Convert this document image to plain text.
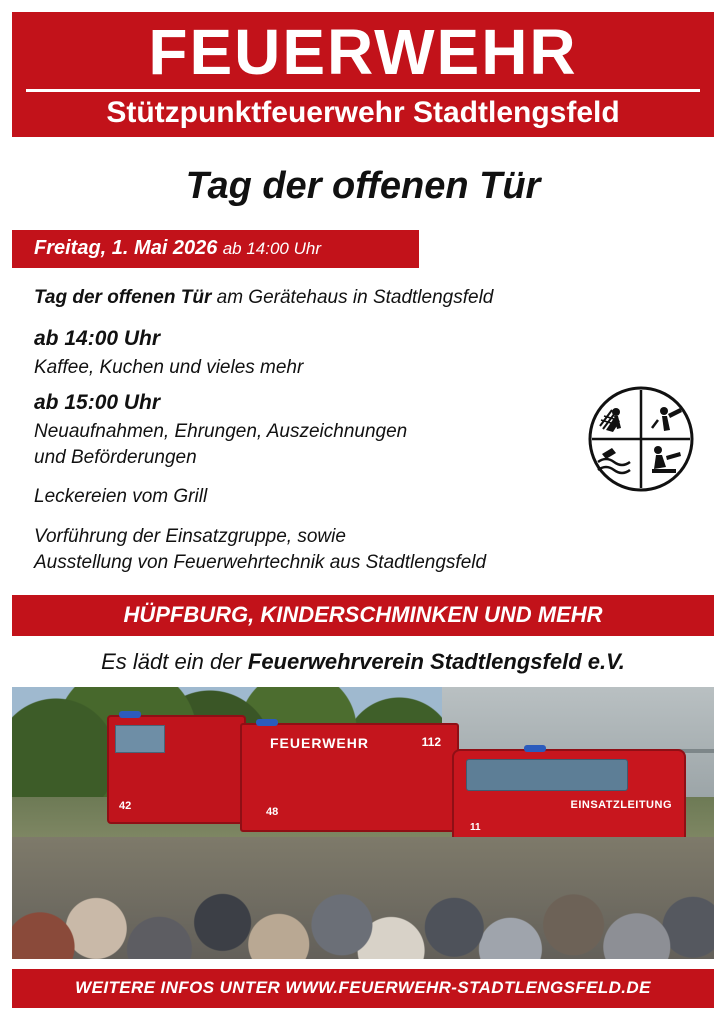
FEUERWEHR
Stützpunktfeuerwehr Stadtlengsfeld
Tag der offenen Tür
Freitag, 1. Mai 2026 ab 14:00 Uhr
Tag der offenen Tür am Gerätehaus in Stadtlengsfeld
ab 14:00 Uhr
Kaffee, Kuchen und vieles mehr
ab 15:00 Uhr
Neuaufnahmen, Ehrungen, Auszeichnungen
und Beförderungen
Leckereien vom Grill
Vorführung der Einsatzgruppe, sowie
Ausstellung von Feuerwehrtechnik aus Stadtlengsfeld
HÜPFBURG, KINDERSCHMINKEN UND MEHR
Es lädt ein der Feuerwehrverein Stadtlengsfeld e.V.
42
FEUERWEHR	112
48
EINSATZLEITUNG
11
WEITERE INFOS UNTER WWW.FEUERWEHR-STADTLENGSFELD.DE
